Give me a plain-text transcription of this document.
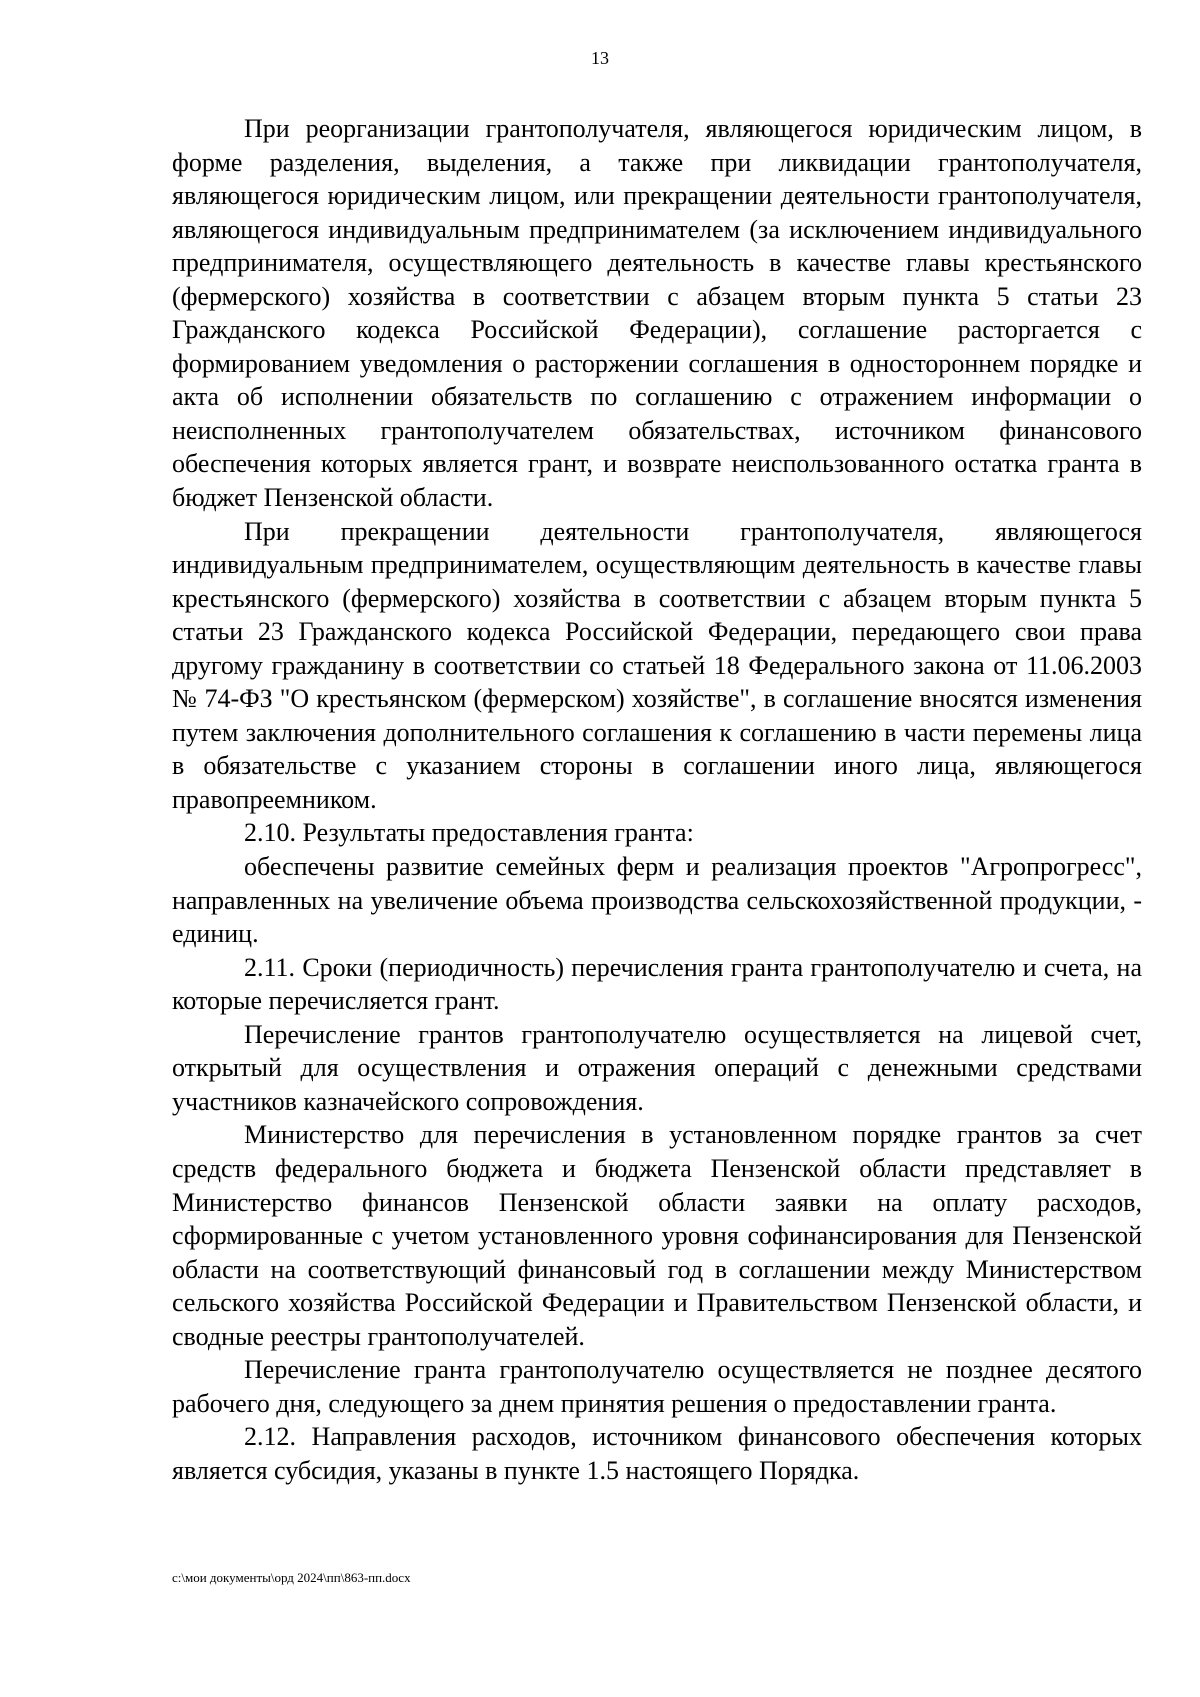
13

При реорганизации грантополучателя, являющегося юридическим лицом, в форме разделения, выделения, а также при ликвидации грантополучателя, являющегося юридическим лицом, или прекращении деятельности грантополучателя, являющегося индивидуальным предпринимателем (за исключением индивидуального предпринимателя, осуществляющего деятельность в качестве главы крестьянского (фермерского) хозяйства в соответствии с абзацем вторым пункта 5 статьи 23 Гражданского кодекса Российской Федерации), соглашение расторгается с формированием уведомления о расторжении соглашения в одностороннем порядке и акта об исполнении обязательств по соглашению с отражением информации о неисполненных грантополучателем обязательствах, источником финансового обеспечения которых является грант, и возврате неиспользованного остатка гранта в бюджет Пензенской области.

При прекращении деятельности грантополучателя, являющегося индивидуальным предпринимателем, осуществляющим деятельность в качестве главы крестьянского (фермерского) хозяйства в соответствии с абзацем вторым пункта 5 статьи 23 Гражданского кодекса Российской Федерации, передающего свои права другому гражданину в соответствии со статьей 18 Федерального закона от 11.06.2003 № 74-ФЗ "О крестьянском (фермерском) хозяйстве", в соглашение вносятся изменения путем заключения дополнительного соглашения к соглашению в части перемены лица в обязательстве с указанием стороны в соглашении иного лица, являющегося правопреемником.

2.10. Результаты предоставления гранта:

обеспечены развитие семейных ферм и реализация проектов "Агропрогресс", направленных на увеличение объема производства сельскохозяйственной продукции, - единиц.

2.11. Сроки (периодичность) перечисления гранта грантополучателю и счета, на которые перечисляется грант.

Перечисление грантов грантополучателю осуществляется на лицевой счет, открытый для осуществления и отражения операций с денежными средствами участников казначейского сопровождения.

Министерство для перечисления в установленном порядке грантов за счет средств федерального бюджета и бюджета Пензенской области представляет в Министерство финансов Пензенской области заявки на оплату расходов, сформированные с учетом установленного уровня софинансирования для Пензенской области на соответствующий финансовый год в соглашении между Министерством сельского хозяйства Российской Федерации и Правительством Пензенской области, и сводные реестры грантополучателей.

Перечисление гранта грантополучателю осуществляется не позднее десятого рабочего дня, следующего за днем принятия решения о предоставлении гранта.

2.12. Направления расходов, источником финансового обеспечения которых является субсидия, указаны в пункте 1.5 настоящего Порядка.

c:\мои документы\орд 2024\пп\863-пп.docx
